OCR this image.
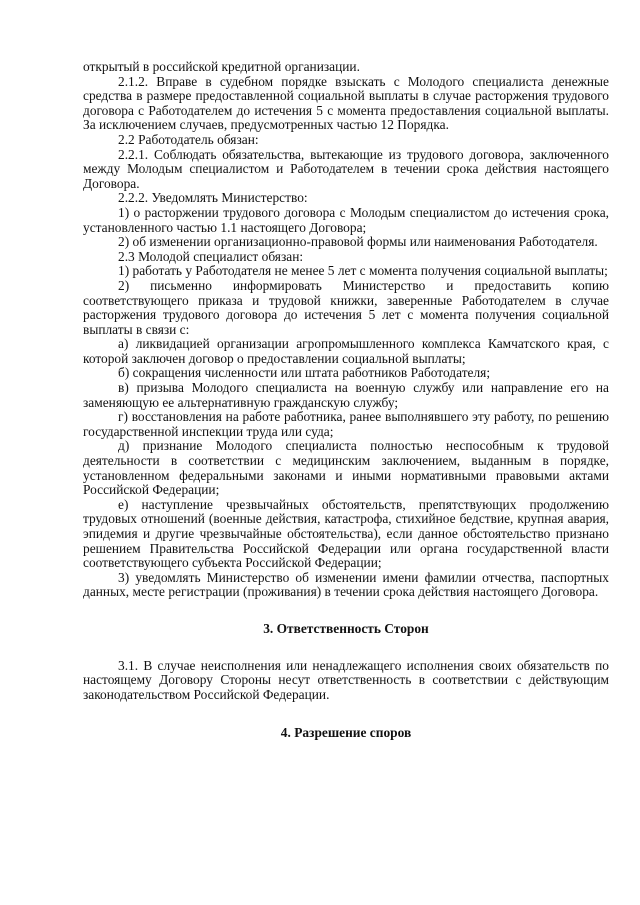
открытый в российской кредитной организации.

2.1.2. Вправе в судебном порядке взыскать с Молодого специалиста денежные средства в размере предоставленной социальной выплаты в случае расторжения трудового договора с Работодателем до истечения 5 с момента предоставления социальной выплаты. За исключением случаев, предусмотренных частью 12 Порядка.

2.2 Работодатель обязан:

2.2.1. Соблюдать обязательства, вытекающие из трудового договора, заключенного между Молодым специалистом и Работодателем в течении срока действия настоящего Договора.

2.2.2. Уведомлять Министерство:

1) о расторжении трудового договора с Молодым специалистом до истечения срока, установленного частью 1.1 настоящего Договора;

2) об изменении организационно-правовой формы или наименования Работодателя.

2.3 Молодой специалист обязан:

1) работать у Работодателя не менее 5 лет с момента получения социальной выплаты;

2) письменно информировать Министерство и предоставить копию соответствующего приказа и трудовой книжки, заверенные Работодателем в случае расторжения трудового договора до истечения 5 лет с момента получения социальной выплаты в связи с:

а) ликвидацией организации агропромышленного комплекса Камчатского края, с которой заключен договор о предоставлении социальной выплаты;

б) сокращения численности или штата работников Работодателя;

в) призыва Молодого специалиста на военную службу или направление его на заменяющую ее альтернативную гражданскую службу;

г) восстановления на работе работника, ранее выполнявшего эту работу, по решению государственной инспекции труда или суда;

д) признание Молодого специалиста полностью неспособным к трудовой деятельности в соответствии с медицинским заключением, выданным в порядке, установленном федеральными законами и иными нормативными правовыми актами Российской Федерации;

е) наступление чрезвычайных обстоятельств, препятствующих продолжению трудовых отношений (военные действия, катастрофа, стихийное бедствие, крупная авария, эпидемия и другие чрезвычайные обстоятельства), если данное обстоятельство признано решением Правительства Российской Федерации или органа государственной власти соответствующего субъекта Российской Федерации;

3) уведомлять Министерство об изменении имени фамилии отчества, паспортных данных, месте регистрации (проживания) в течении срока действия настоящего Договора.

3. Ответственность Сторон

3.1. В случае неисполнения или ненадлежащего исполнения своих обязательств по настоящему Договору Стороны несут ответственность в соответствии с действующим законодательством Российской Федерации.

4. Разрешение споров
